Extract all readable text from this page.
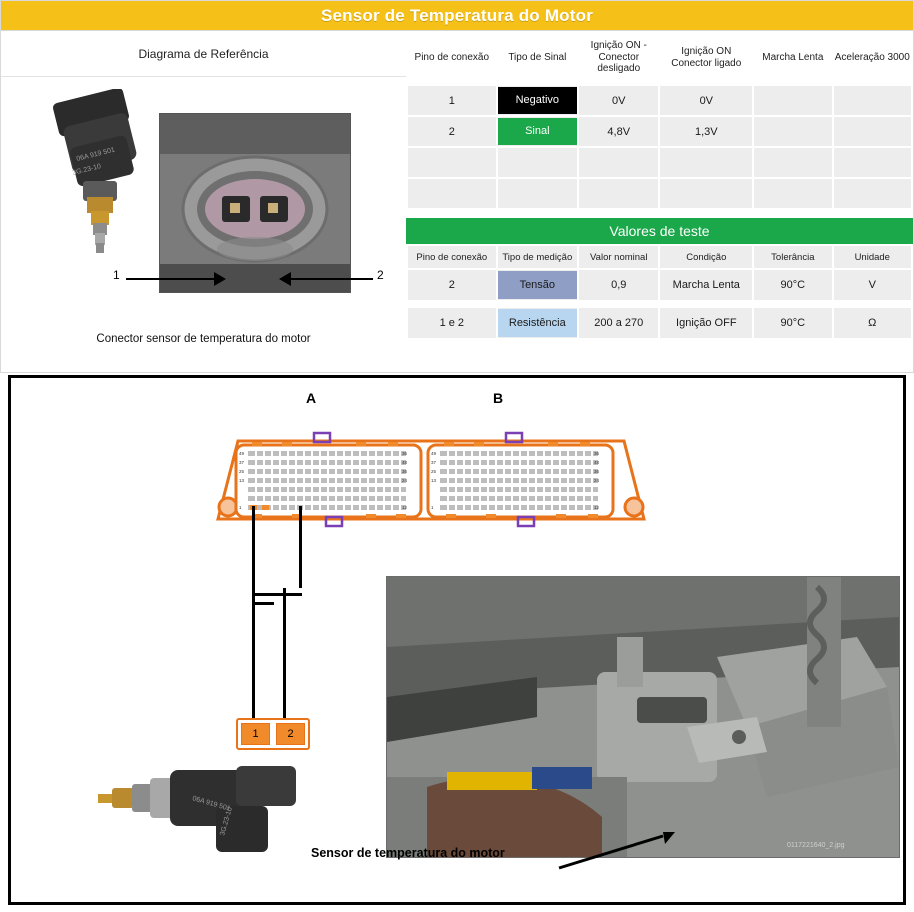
Sensor de Temperatura do Motor
Diagrama de Referência
06A 919 501
3G.23-10
1	2
Conector sensor de temperatura do motor
Pino de conexão	Tipo de Sinal	Ignição ON - Conector desligado	Ignição ON Conector ligado	Marcha Lenta	Aceleração 3000
1	Negativo	0V	0V		
2	Sinal	4,8V	1,3V		

Valores de teste
Pino de conexão	Tipo de medição	Valor nominal	Condição	Tolerância	Unidade
2	Tensão	0,9	Marcha Lenta	90°C	V

1 e 2	Resistência	200 a 270	Ignição OFF	90°C	Ω
A	B
49
37
25
13
1
36
48
36
24
12
49
37
25
13
1
36
48
36
24
12
1	2
06A 919 501
3G.23-10
0117221640_2.jpg
Sensor de temperatura do motor
